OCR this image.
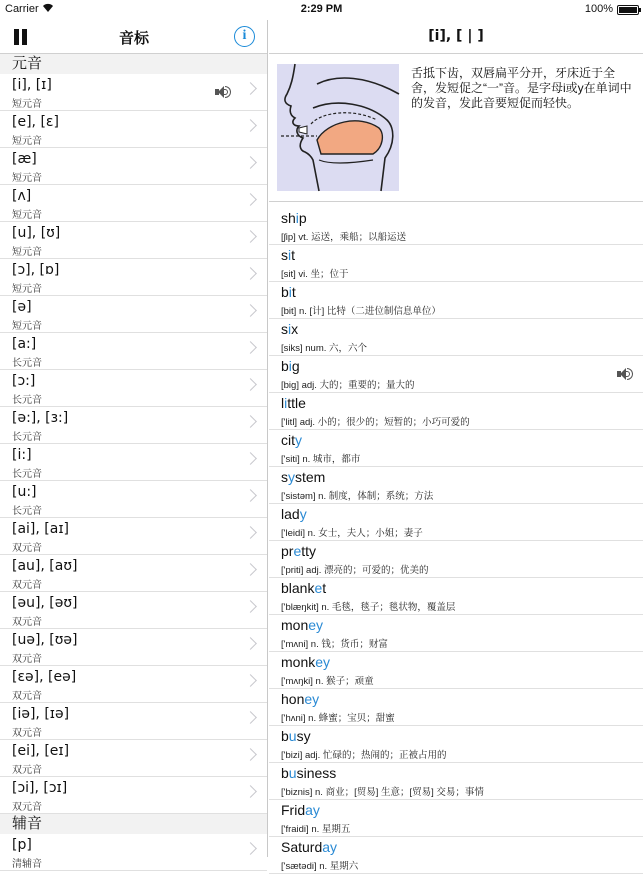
Carrier	2:29 PM	100%
音标	i
元音
[i], [ɪ]
短元音
[e], [ɛ]
短元音
[æ]
短元音
[ʌ]
短元音
[u], [ʊ]
短元音
[ɔ], [ɒ]
短元音
[ə]
短元音
[a:]
长元音
[ɔ:]
长元音
[ə:], [ɜ:]
长元音
[i:]
长元音
[u:]
长元音
[ai], [aɪ]
双元音
[au], [aʊ]
双元音
[əu], [əʊ]
双元音
[uə], [ʊə]
双元音
[ɛə], [eə]
双元音
[iə], [ɪə]
双元音
[ei], [eɪ]
双元音
[ɔi], [ɔɪ]
双元音
辅音
[p]
清辅音
[i], [ | ]
舌抵下齿，双唇扁平分开，牙床近于全舍，发短促之“一”音。是字母i或y在单词中的发音，发此音要短促而轻快。
ship
[ʃip] vt. 运送，乘船；以船运送
sit
[sit] vi. 坐；位于
bit
[bit] n. [计] 比特（二进位制信息单位）
six
[siks] num. 六，六个
big
[big] adj. 大的；重要的；量大的
little
['litl] adj. 小的；很少的；短暂的；小巧可爱的
city
['siti] n. 城市，都市
system
['sistəm] n. 制度，体制；系统；方法
lady
['leidi] n. 女士，夫人；小姐；妻子
pretty
['priti] adj. 漂亮的；可爱的；优美的
blanket
['blæŋkit] n. 毛毯，毯子；毯状物，覆盖层
money
['mʌni] n. 钱；货币；财富
monkey
['mʌŋki] n. 猴子；顽童
honey
['hʌni] n. 蜂蜜；宝贝；甜蜜
busy
['bizi] adj. 忙碌的；热闹的；正被占用的
business
['biznis] n. 商业；[贸易] 生意；[贸易] 交易；事情
Friday
['fraidi] n. 星期五
Saturday
['sætədi] n. 星期六
